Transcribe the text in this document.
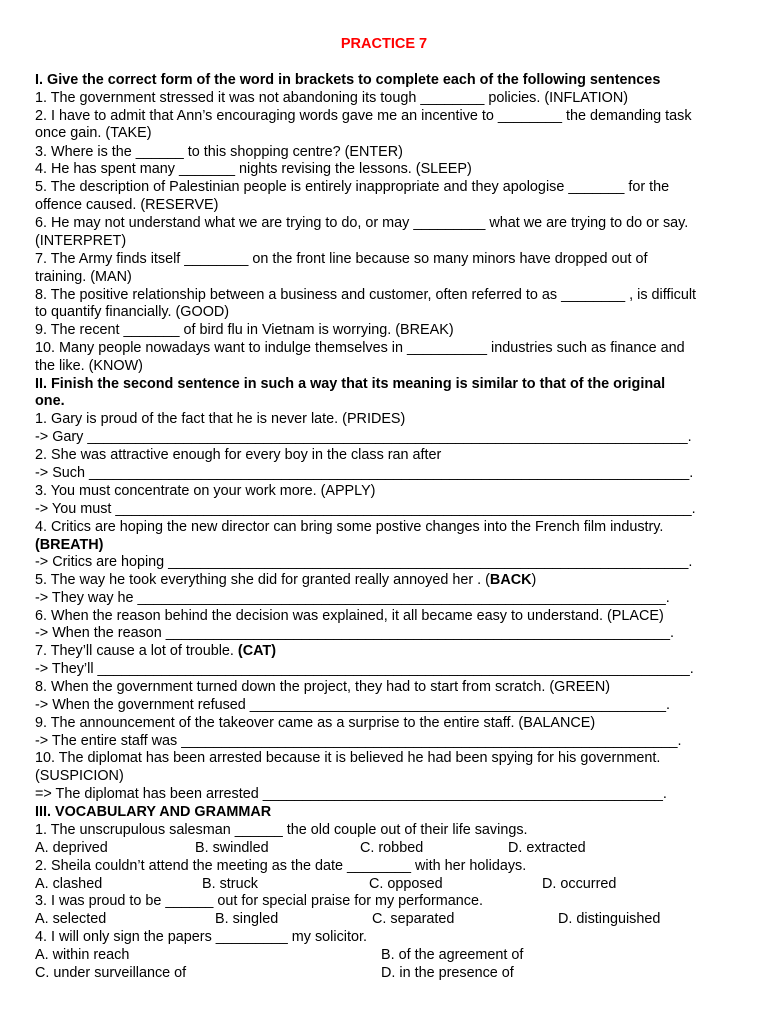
PRACTICE 7
I. Give the correct form of the word in brackets to complete each of the following sentences
1. The government stressed it was not abandoning its tough ________ policies. (INFLATION)
2. I have to admit that Ann’s encouraging words gave me an incentive to ________ the demanding task
once gain. (TAKE)
3. Where is the ______ to this shopping centre? (ENTER)
4. He has spent many _______ nights revising the lessons. (SLEEP)
5. The description of Palestinian people is entirely inappropriate and they apologise _______ for the
offence caused. (RESERVE)
6. He may not understand what we are trying to do, or may _________ what we are trying to do or say.
(INTERPRET)
7. The Army finds itself ________ on the front line because so many minors have dropped out of
training. (MAN)
8. The positive relationship between a business and customer, often referred to as ________ , is difficult
to quantify financially. (GOOD)
9. The recent _______ of bird flu in Vietnam is worrying. (BREAK)
10. Many people nowadays want to indulge themselves in __________ industries such as finance and
the like. (KNOW)
II. Finish the second sentence in such a way that its meaning is similar to that of the original
one.
1. Gary is proud of the fact that he is never late. (PRIDES)
-> Gary ___________________________________________________________________________.
2. She was attractive enough for every boy in the class ran after
-> Such ___________________________________________________________________________.
3. You must concentrate on your work more. (APPLY)
-> You must ________________________________________________________________________.
4. Critics are hoping the new director can bring some postive changes into the French film industry.
(BREATH)
-> Critics are hoping _________________________________________________________________.
5. The way he took everything she did for granted really annoyed her . (BACK)
-> They way he __________________________________________________________________.
6. When the reason behind the decision was explained, it all became easy to understand. (PLACE)
-> When the reason _______________________________________________________________.
7. They’ll cause a lot of trouble. (CAT)
-> They’ll __________________________________________________________________________.
8. When the government turned down the project, they had to start from scratch. (GREEN)
-> When the government refused ____________________________________________________.
9. The announcement of the takeover came as a surprise to the entire staff. (BALANCE)
-> The entire staff was ______________________________________________________________.
10. The diplomat has been arrested because it is believed he had been spying for his government.
(SUSPICION)
=> The diplomat has been arrested __________________________________________________.
III. VOCABULARY AND GRAMMAR
1. The unscrupulous salesman ______ the old couple out of their life savings.
A. deprived	B. swindled	C. robbed	D. extracted
2. Sheila couldn’t attend the meeting as the date ________ with her holidays.
A. clashed	B. struck	C. opposed	D. occurred
3. I was proud to be ______ out for special praise for my performance.
A. selected	B. singled	C. separated	D. distinguished
4. I will only sign the papers _________ my solicitor.
A. within reach	B. of the agreement of
C. under surveillance of	D. in the presence of
